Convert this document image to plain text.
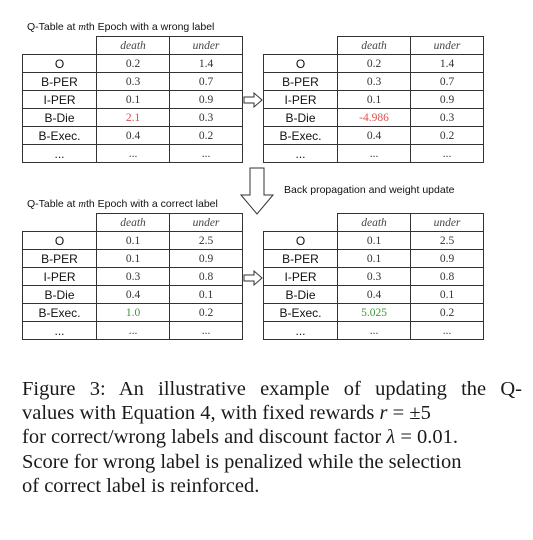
Q-Table at mth Epoch with a wrong label
Q-Table at mth Epoch with a correct label
Back propagation and weight update
	death	under
O	0.2	1.4
B-PER	0.3	0.7
I-PER	0.1	0.9
B-Die	2.1	0.3
B-Exec.	0.4	0.2
...	...	...
	death	under
O	0.2	1.4
B-PER	0.3	0.7
I-PER	0.1	0.9
B-Die	-4.986	0.3
B-Exec.	0.4	0.2
...	...	...
	death	under
O	0.1	2.5
B-PER	0.1	0.9
I-PER	0.3	0.8
B-Die	0.4	0.1
B-Exec.	1.0	0.2
...	...	...
	death	under
O	0.1	2.5
B-PER	0.1	0.9
I-PER	0.3	0.8
B-Die	0.4	0.1
B-Exec.	5.025	0.2
...	...	...
Figure 3: An illustrative example of updating the Q-
values with Equation 4, with fixed rewards r = ±5
for correct/wrong labels and discount factor λ = 0.01.
Score for wrong label is penalized while the selection
of correct label is reinforced.
